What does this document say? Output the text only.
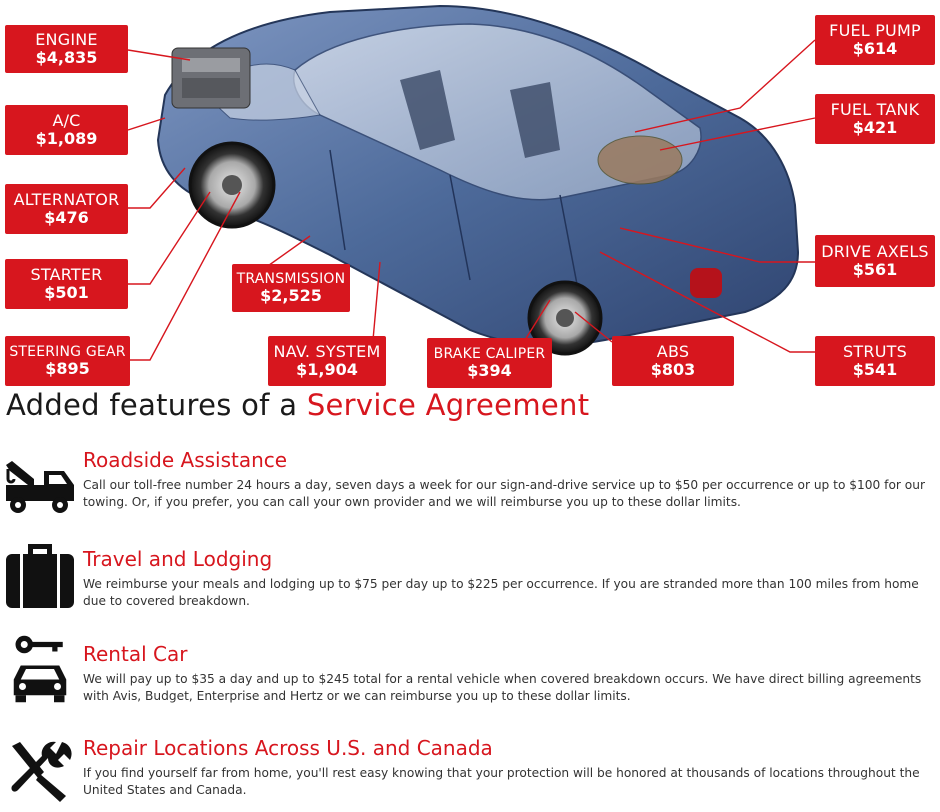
ENGINE
$4,835
A/C
$1,089
ALTERNATOR
$476
STARTER
$501
STEERING GEAR
$895
TRANSMISSION
$2,525
NAV. SYSTEM
$1,904
BRAKE CALIPER
$394
ABS
$803
FUEL PUMP
$614
FUEL TANK
$421
DRIVE AXELS
$561
STRUTS
$541
Added features of a Service Agreement
Roadside Assistance

Call our toll-free number 24 hours a day, seven days a week for our sign-and-drive service up to $50 per occurrence or up to $100 for our towing. Or, if you prefer, you can call your own provider and we will reimburse you up to these dollar limits.

Travel and Lodging

We reimburse your meals and lodging up to $75 per day up to $225 per occurrence. If you are stranded more than 100 miles from home due to covered breakdown.

Rental Car

We will pay up to $35 a day and up to $245 total for a rental vehicle when covered breakdown occurs. We have direct billing agreements with Avis, Budget, Enterprise and Hertz or we can reimburse you up to these dollar limits.

Repair Locations Across U.S. and Canada

If you find yourself far from home, you'll rest easy knowing that your protection will be honored at thousands of locations throughout the United States and Canada.
